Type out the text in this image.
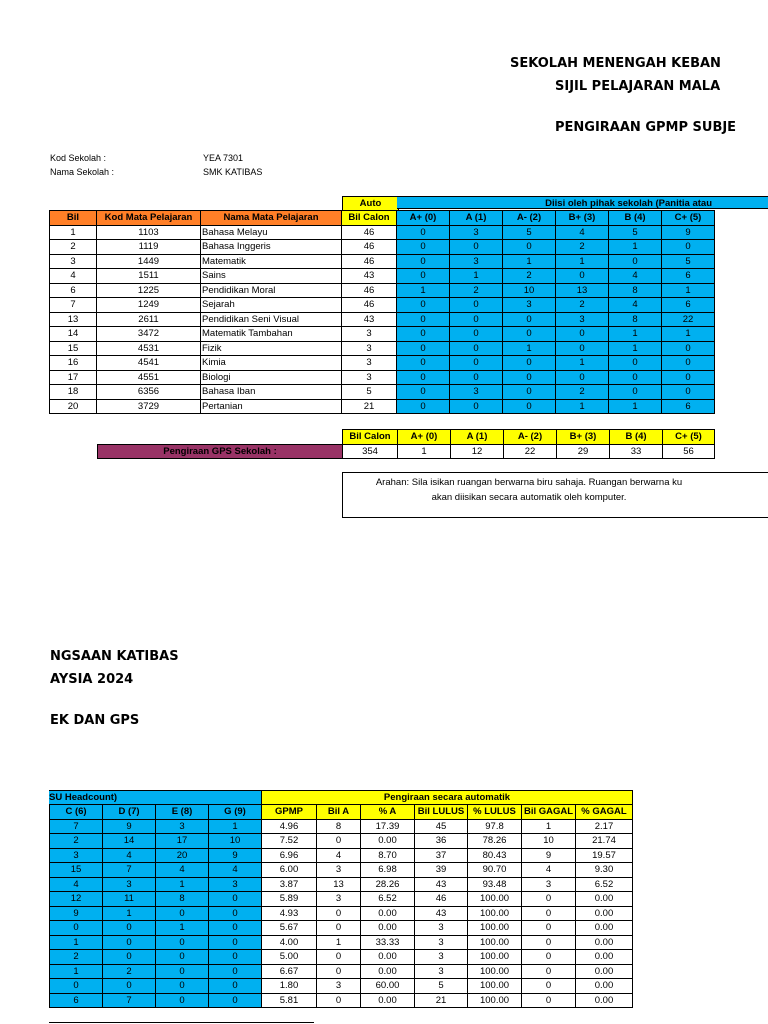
SEKOLAH MENENGAH KEBAN
SIJIL PELAJARAN MALA
PENGIRAAN GPMP SUBJE
Kod Sekolah :	YEA 7301
Nama Sekolah :	SMK KATIBAS
Auto	Diisi oleh pihak sekolah (Panitia atau
Bil	Kod Mata Pelajaran	Nama Mata Pelajaran	Bil Calon	A+ (0)	A (1)	A- (2)	B+ (3)	B (4)	C+ (5)
1	1103	Bahasa Melayu	46	0	3	5	4	5	9
2	1119	Bahasa Inggeris	46	0	0	0	2	1	0
3	1449	Matematik	46	0	3	1	1	0	5
4	1511	Sains	43	0	1	2	0	4	6
6	1225	Pendidikan Moral	46	1	2	10	13	8	1
7	1249	Sejarah	46	0	0	3	2	4	6
13	2611	Pendidikan Seni Visual	43	0	0	0	3	8	22
14	3472	Matematik Tambahan	3	0	0	0	0	1	1
15	4531	Fizik	3	0	0	1	0	1	0
16	4541	Kimia	3	0	0	0	1	0	0
17	4551	Biologi	3	0	0	0	0	0	0
18	6356	Bahasa Iban	5	0	3	0	2	0	0
20	3729	Pertanian	21	0	0	0	1	1	6
	Bil Calon	A+ (0)	A (1)	A- (2)	B+ (3)	B (4)	C+ (5)
Pengiraan GPS Sekolah :	354	1	12	22	29	33	56
Arahan: Sila isikan ruangan berwarna biru sahaja. Ruangan berwarna ku
akan diisikan secara automatik oleh komputer.
NGSAAN KATIBAS
AYSIA 2024
EK DAN GPS
SU Headcount)	Pengiraan secara automatik
C (6)	D (7)	E (8)	G (9)	GPMP	Bil A	% A	Bil LULUS	% LULUS	Bil GAGAL	% GAGAL
7	9	3	1	4.96	8	17.39	45	97.8	1	2.17
2	14	17	10	7.52	0	0.00	36	78.26	10	21.74
3	4	20	9	6.96	4	8.70	37	80.43	9	19.57
15	7	4	4	6.00	3	6.98	39	90.70	4	9.30
4	3	1	3	3.87	13	28.26	43	93.48	3	6.52
12	11	8	0	5.89	3	6.52	46	100.00	0	0.00
9	1	0	0	4.93	0	0.00	43	100.00	0	0.00
0	0	1	0	5.67	0	0.00	3	100.00	0	0.00
1	0	0	0	4.00	1	33.33	3	100.00	0	0.00
2	0	0	0	5.00	0	0.00	3	100.00	0	0.00
1	2	0	0	6.67	0	0.00	3	100.00	0	0.00
0	0	0	0	1.80	3	60.00	5	100.00	0	0.00
6	7	0	0	5.81	0	0.00	21	100.00	0	0.00
